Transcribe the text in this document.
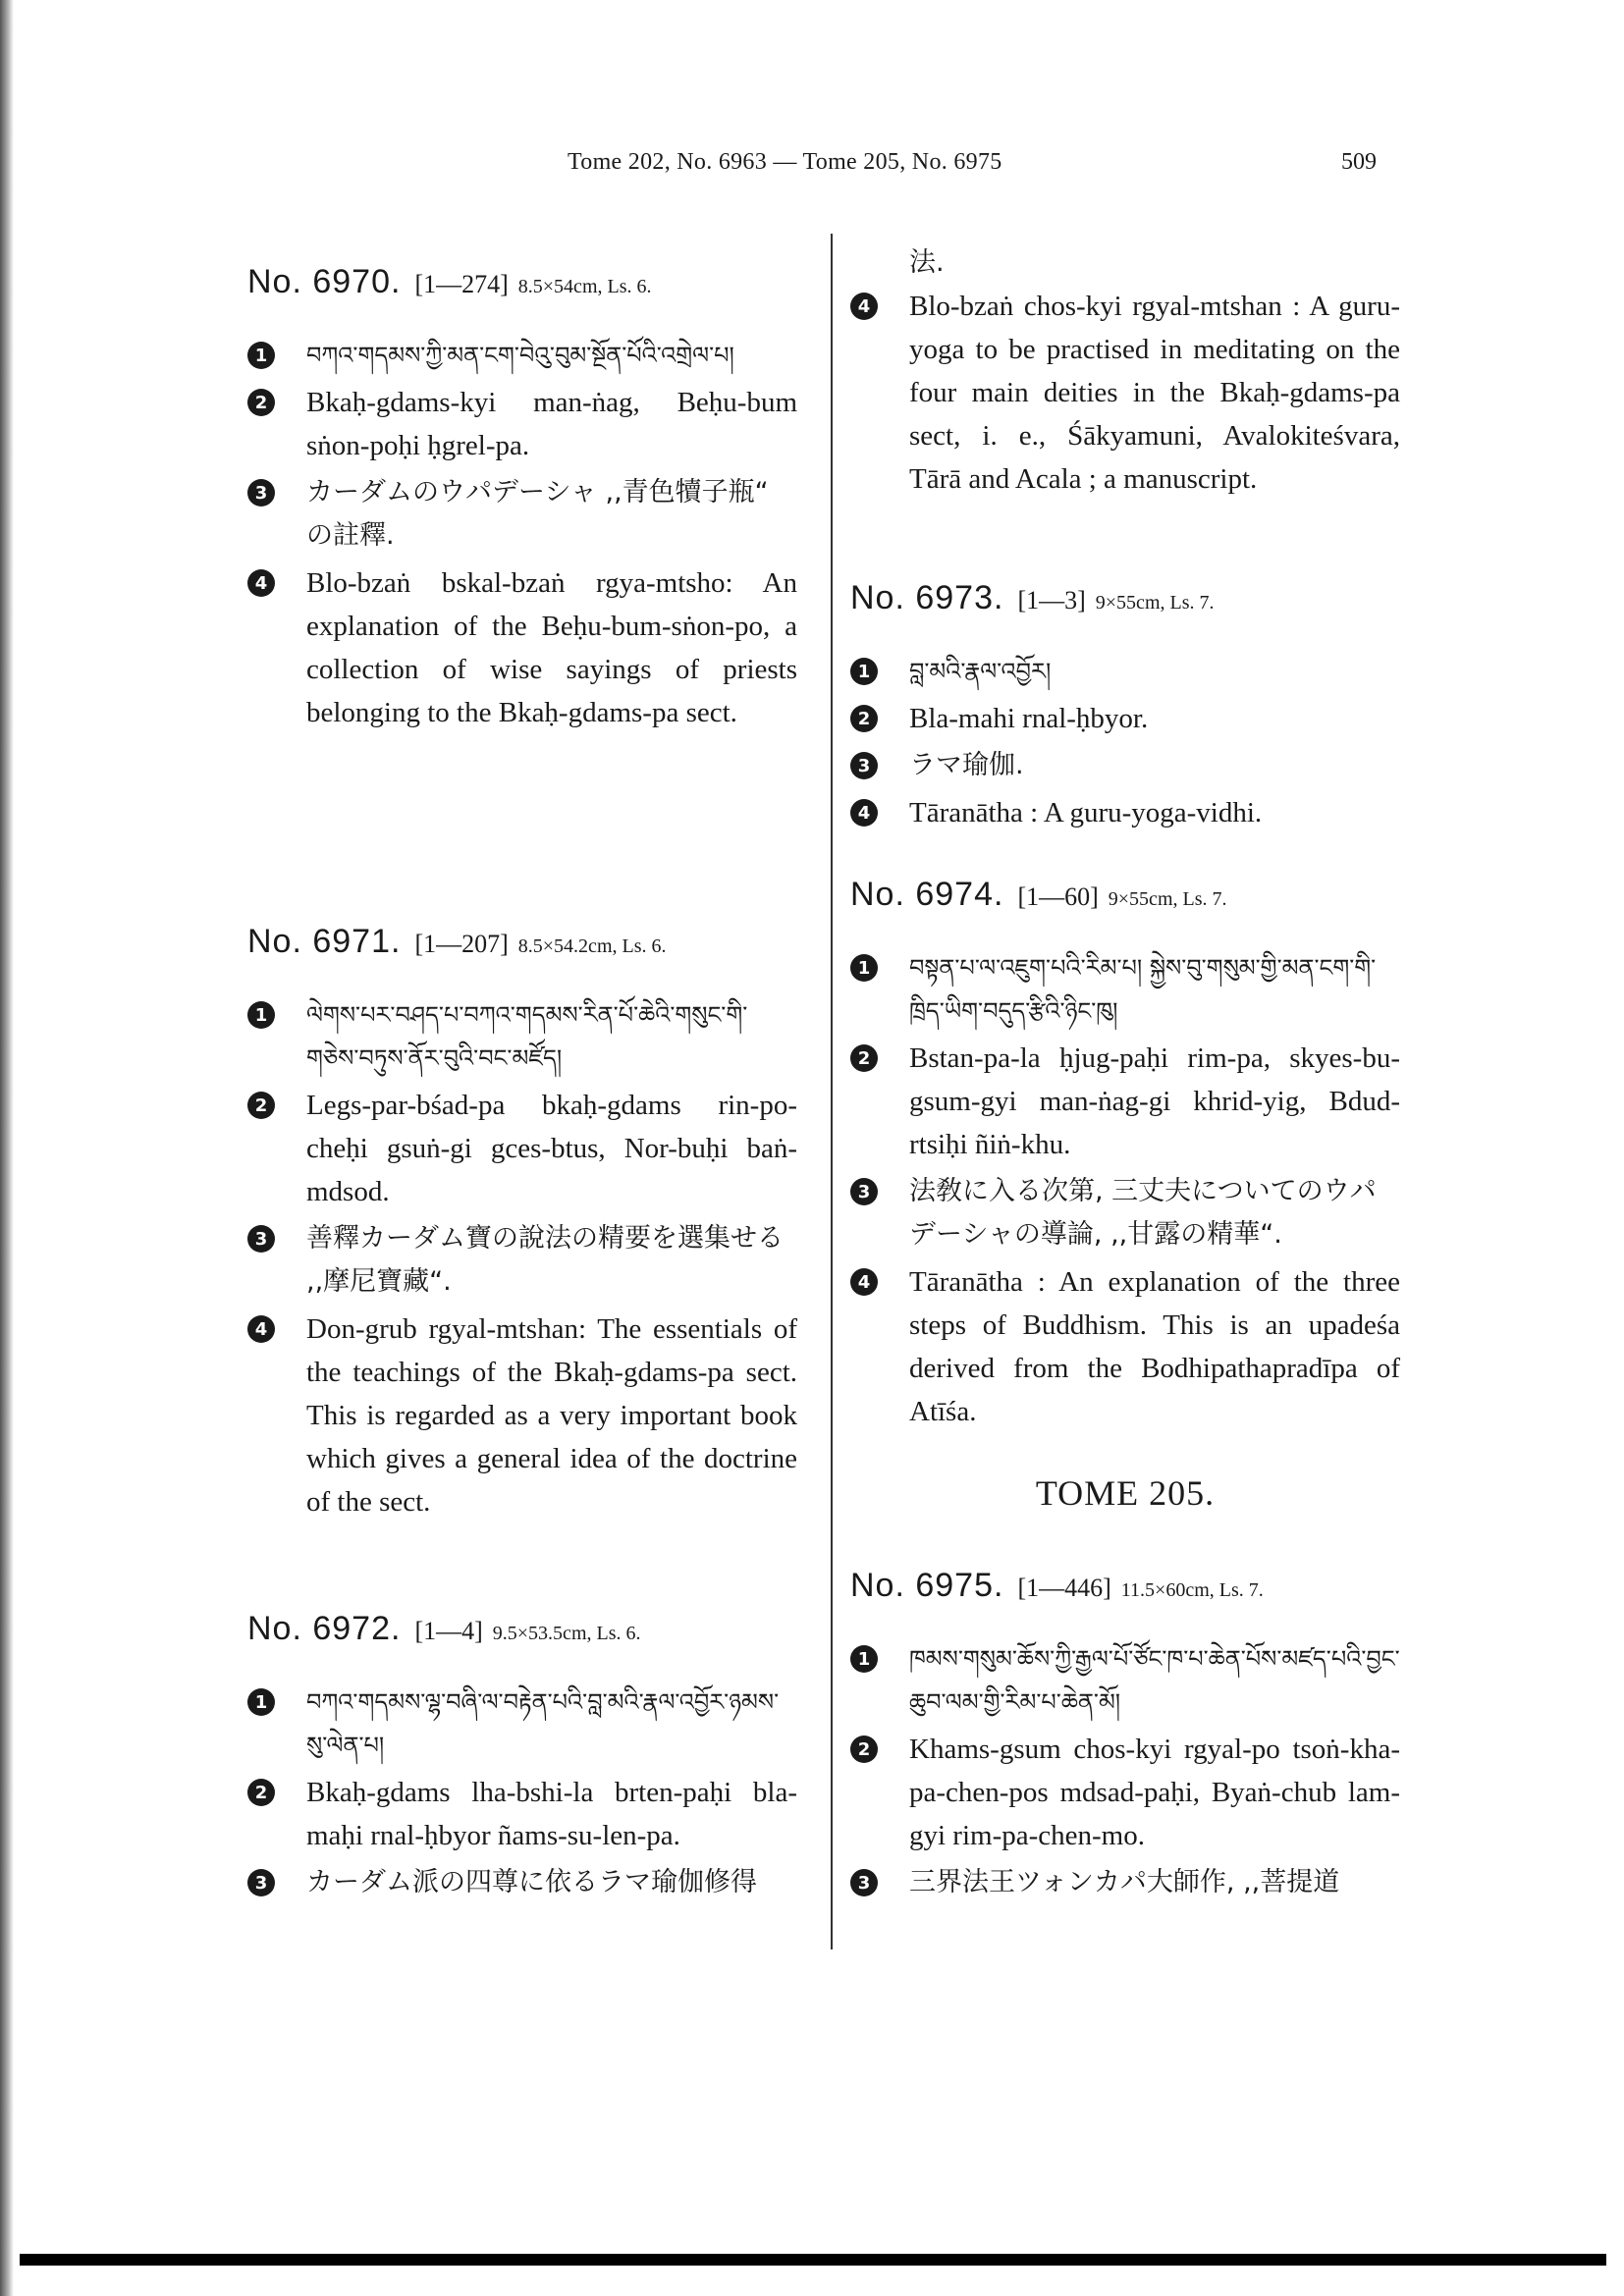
Tome 202, No. 6963 — Tome 205, No. 6975	509
No. 6970. [1—274] 8.5×54cm, Ls. 6.
1	བཀའ་གདམས་ཀྱི་མན་ངག་བེའུ་བུམ་སྔོན་པོའི་འགྲེལ་པ།
2 Bkaḥ-gdams-kyi man-ṅag, Beḥu-bum sṅon-poḥi ḥgrel-pa.
3 カーダムのウパデーシャ ,,青色犢子瓶“ の註釋.
4 Blo-bzaṅ bskal-bzaṅ rgya-mtsho: An explanation of the Beḥu-bum-sṅon-po, a collection of wise sayings of priests belonging to the Bkaḥ-gdams-pa sect.
No. 6971. [1—207] 8.5×54.2cm, Ls. 6.
1	ལེགས་པར་བཤད་པ་བཀའ་གདམས་རིན་པོ་ཆེའི་གསུང་གི་གཅེས་བཏུས་ནོར་བུའི་བང་མཛོད།
2 Legs-par-bśad-pa bkaḥ-gdams rin-po-cheḥi gsuṅ-gi gces-btus, Nor-buḥi baṅ-mdsod.
3 善釋カーダム寶の說法の精要を選集せる ,,摩尼寶藏“.
4 Don-grub rgyal-mtshan: The essentials of the teachings of the Bkaḥ-gdams-pa sect. This is regarded as a very important book which gives a general idea of the doctrine of the sect.
No. 6972. [1—4] 9.5×53.5cm, Ls. 6.
1	བཀའ་གདམས་ལྷ་བཞི་ལ་བརྟེན་པའི་བླ་མའི་རྣལ་འབྱོར་ཉམས་སུ་ལེན་པ།
2 Bkaḥ-gdams lha-bshi-la brten-paḥi bla-maḥi rnal-ḥbyor ñams-su-len-pa.
3 カーダム派の四尊に依るラマ瑜伽修得
法.
4 Blo-bzaṅ chos-kyi rgyal-mtshan : A guru-yoga to be practised in meditating on the four main deities in the Bkaḥ-gdams-pa sect, i. e., Śākyamuni, Avalokiteśvara, Tārā and Acala ; a manuscript.
No. 6973. [1—3] 9×55cm, Ls. 7.
1	བླ་མའི་རྣལ་འབྱོར།
2 Bla-mahi rnal-ḥbyor.
3 ラマ瑜伽.
4 Tāranātha : A guru-yoga-vidhi.
No. 6974. [1—60] 9×55cm, Ls. 7.
1	བསྟན་པ་ལ་འཇུག་པའི་རིམ་པ། སྐྱེས་བུ་གསུམ་གྱི་མན་ངག་གི་ཁྲིད་ཡིག་བདུད་རྩིའི་ཉིང་ཁུ།
2 Bstan-pa-la ḥjug-paḥi rim-pa, skyes-bu-gsum-gyi man-ṅag-gi khrid-yig, Bdud-rtsiḥi ñiṅ-khu.
3 法敎に入る次第, 三丈夫についてのウパデーシャの導論, ,,甘露の精華“.
4 Tāranātha : An explanation of the three steps of Buddhism. This is an upadeśa derived from the Bodhipathapradīpa of Atīśa.
TOME 205.
No. 6975. [1—446] 11.5×60cm, Ls. 7.
1	ཁམས་གསུམ་ཆོས་ཀྱི་རྒྱལ་པོ་ཙོང་ཁ་པ་ཆེན་པོས་མཛད་པའི་བྱང་ཆུབ་ལམ་གྱི་རིམ་པ་ཆེན་མོ།
2 Khams-gsum chos-kyi rgyal-po tsoṅ-kha-pa-chen-pos mdsad-paḥi, Byaṅ-chub lam-gyi rim-pa-chen-mo.
3 三界法王ツォンカパ大師作, ,,菩提道
